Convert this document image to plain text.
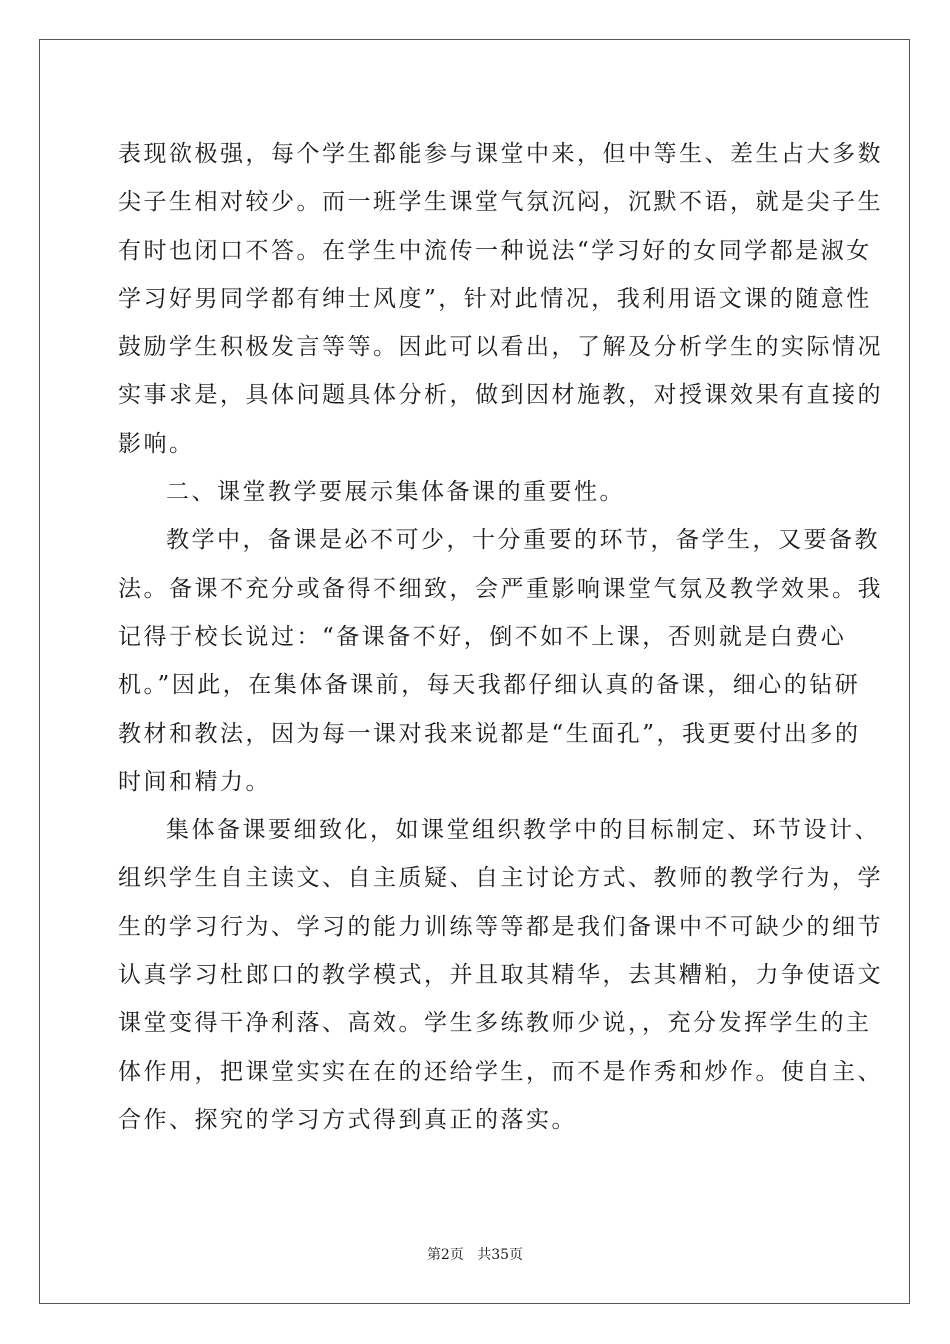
表现欲极强，每个学生都能参与课堂中来，但中等生、差生占大多数
尖子生相对较少。而一班学生课堂气氛沉闷，沉默不语，就是尖子生
有时也闭口不答。在学生中流传一种说法“学习好的女同学都是淑女
学习好男同学都有绅士风度”，针对此情况，我利用语文课的随意性
鼓励学生积极发言等等。因此可以看出，了解及分析学生的实际情况
实事求是，具体问题具体分析，做到因材施教，对授课效果有直接的
影响。
二、课堂教学要展示集体备课的重要性。
教学中，备课是必不可少，十分重要的环节，备学生，又要备教
法。备课不充分或备得不细致，会严重影响课堂气氛及教学效果。我
记得于校长说过：“备课备不好，倒不如不上课，否则就是白费心
机。”因此，在集体备课前，每天我都仔细认真的备课，细心的钻研
教材和教法，因为每一课对我来说都是“生面孔”，我更要付出多的
时间和精力。
集体备课要细致化，如课堂组织教学中的目标制定、环节设计、
组织学生自主读文、自主质疑、自主讨论方式、教师的教学行为，学
生的学习行为、学习的能力训练等等都是我们备课中不可缺少的细节
认真学习杜郎口的教学模式，并且取其精华，去其糟粕，力争使语文
课堂变得干净利落、高效。学生多练教师少说，，充分发挥学生的主
体作用，把课堂实实在在的还给学生，而不是作秀和炒作。使自主、
合作、探究的学习方式得到真正的落实。
第2页 共35页
